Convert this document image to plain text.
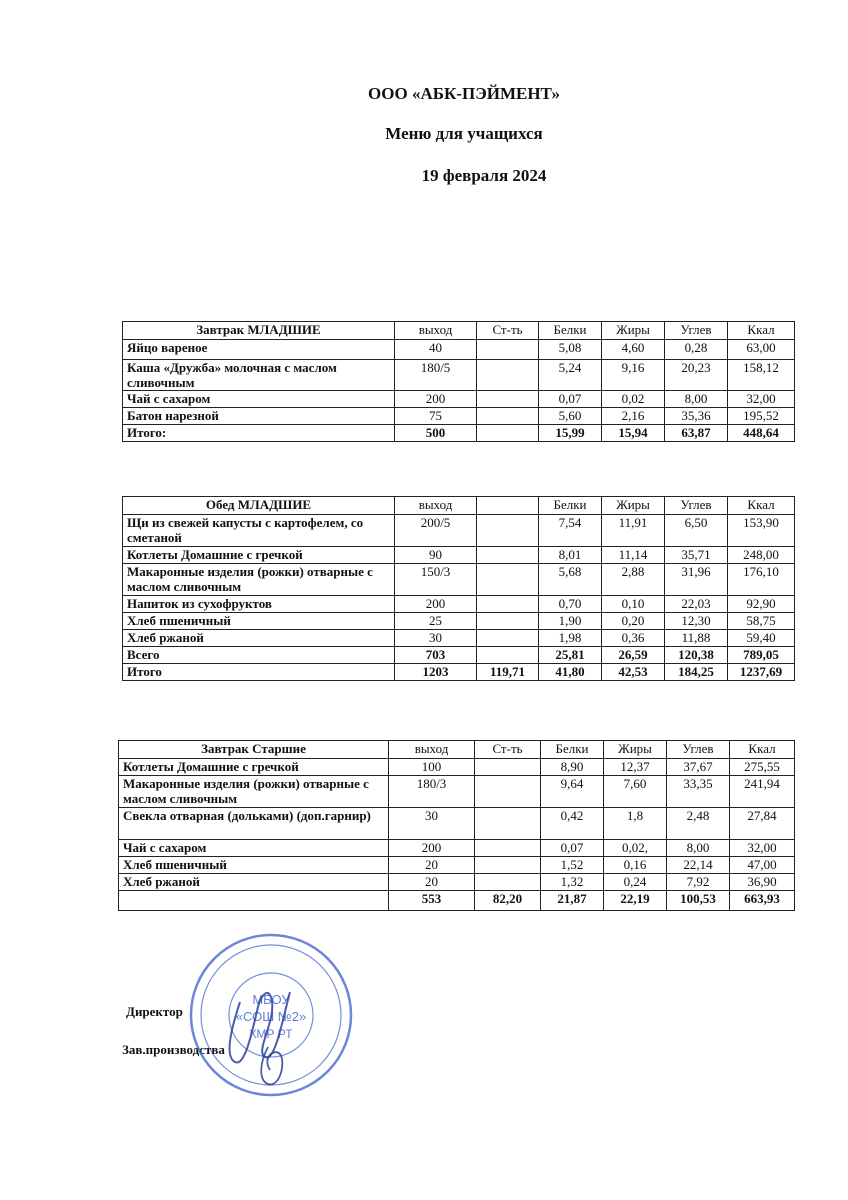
ООО «АБК-ПЭЙМЕНТ»
Меню для учащихся
19 февраля 2024
Завтрак МЛАДШИЕ	выход	Ст-ть	Белки	Жиры	Углев	Ккал
Яйцо вареное	40		5,08	4,60	0,28	63,00
Каша «Дружба» молочная с маслом сливочным	180/5		5,24	9,16	20,23	158,12
Чай с сахаром	200		0,07	0,02	8,00	32,00
Батон нарезной	75		5,60	2,16	35,36	195,52
Итого:	500		15,99	15,94	63,87	448,64
Обед МЛАДШИЕ	выход		Белки	Жиры	Углев	Ккал
Щи из свежей капусты с картофелем, со сметаной	200/5		7,54	11,91	6,50	153,90
Котлеты Домашние с гречкой	90		8,01	11,14	35,71	248,00
Макаронные изделия (рожки) отварные с маслом сливочным	150/3		5,68	2,88	31,96	176,10
Напиток из сухофруктов	200		0,70	0,10	22,03	92,90
Хлеб пшеничный	25		1,90	0,20	12,30	58,75
Хлеб ржаной	30		1,98	0,36	11,88	59,40
Всего	703		25,81	26,59	120,38	789,05
Итого	1203	119,71	41,80	42,53	184,25	1237,69
Завтрак Старшие	выход	Ст-ть	Белки	Жиры	Углев	Ккал
Котлеты Домашние с гречкой	100		8,90	12,37	37,67	275,55
Макаронные изделия (рожки) отварные с маслом сливочным	180/3		9,64	7,60	33,35	241,94
Свекла отварная (дольками) (доп.гарнир)	30		0,42	1,8	2,48	27,84
Чай с сахаром	200		0,07	0,02,	8,00	32,00
Хлеб пшеничный	20		1,52	0,16	22,14	47,00
Хлеб ржаной	20		1,32	0,24	7,92	36,90
	553	82,20	21,87	22,19	100,53	663,93
Директор
Зав.производства
МБОУ
«СОШ №2»
КМР РТ
